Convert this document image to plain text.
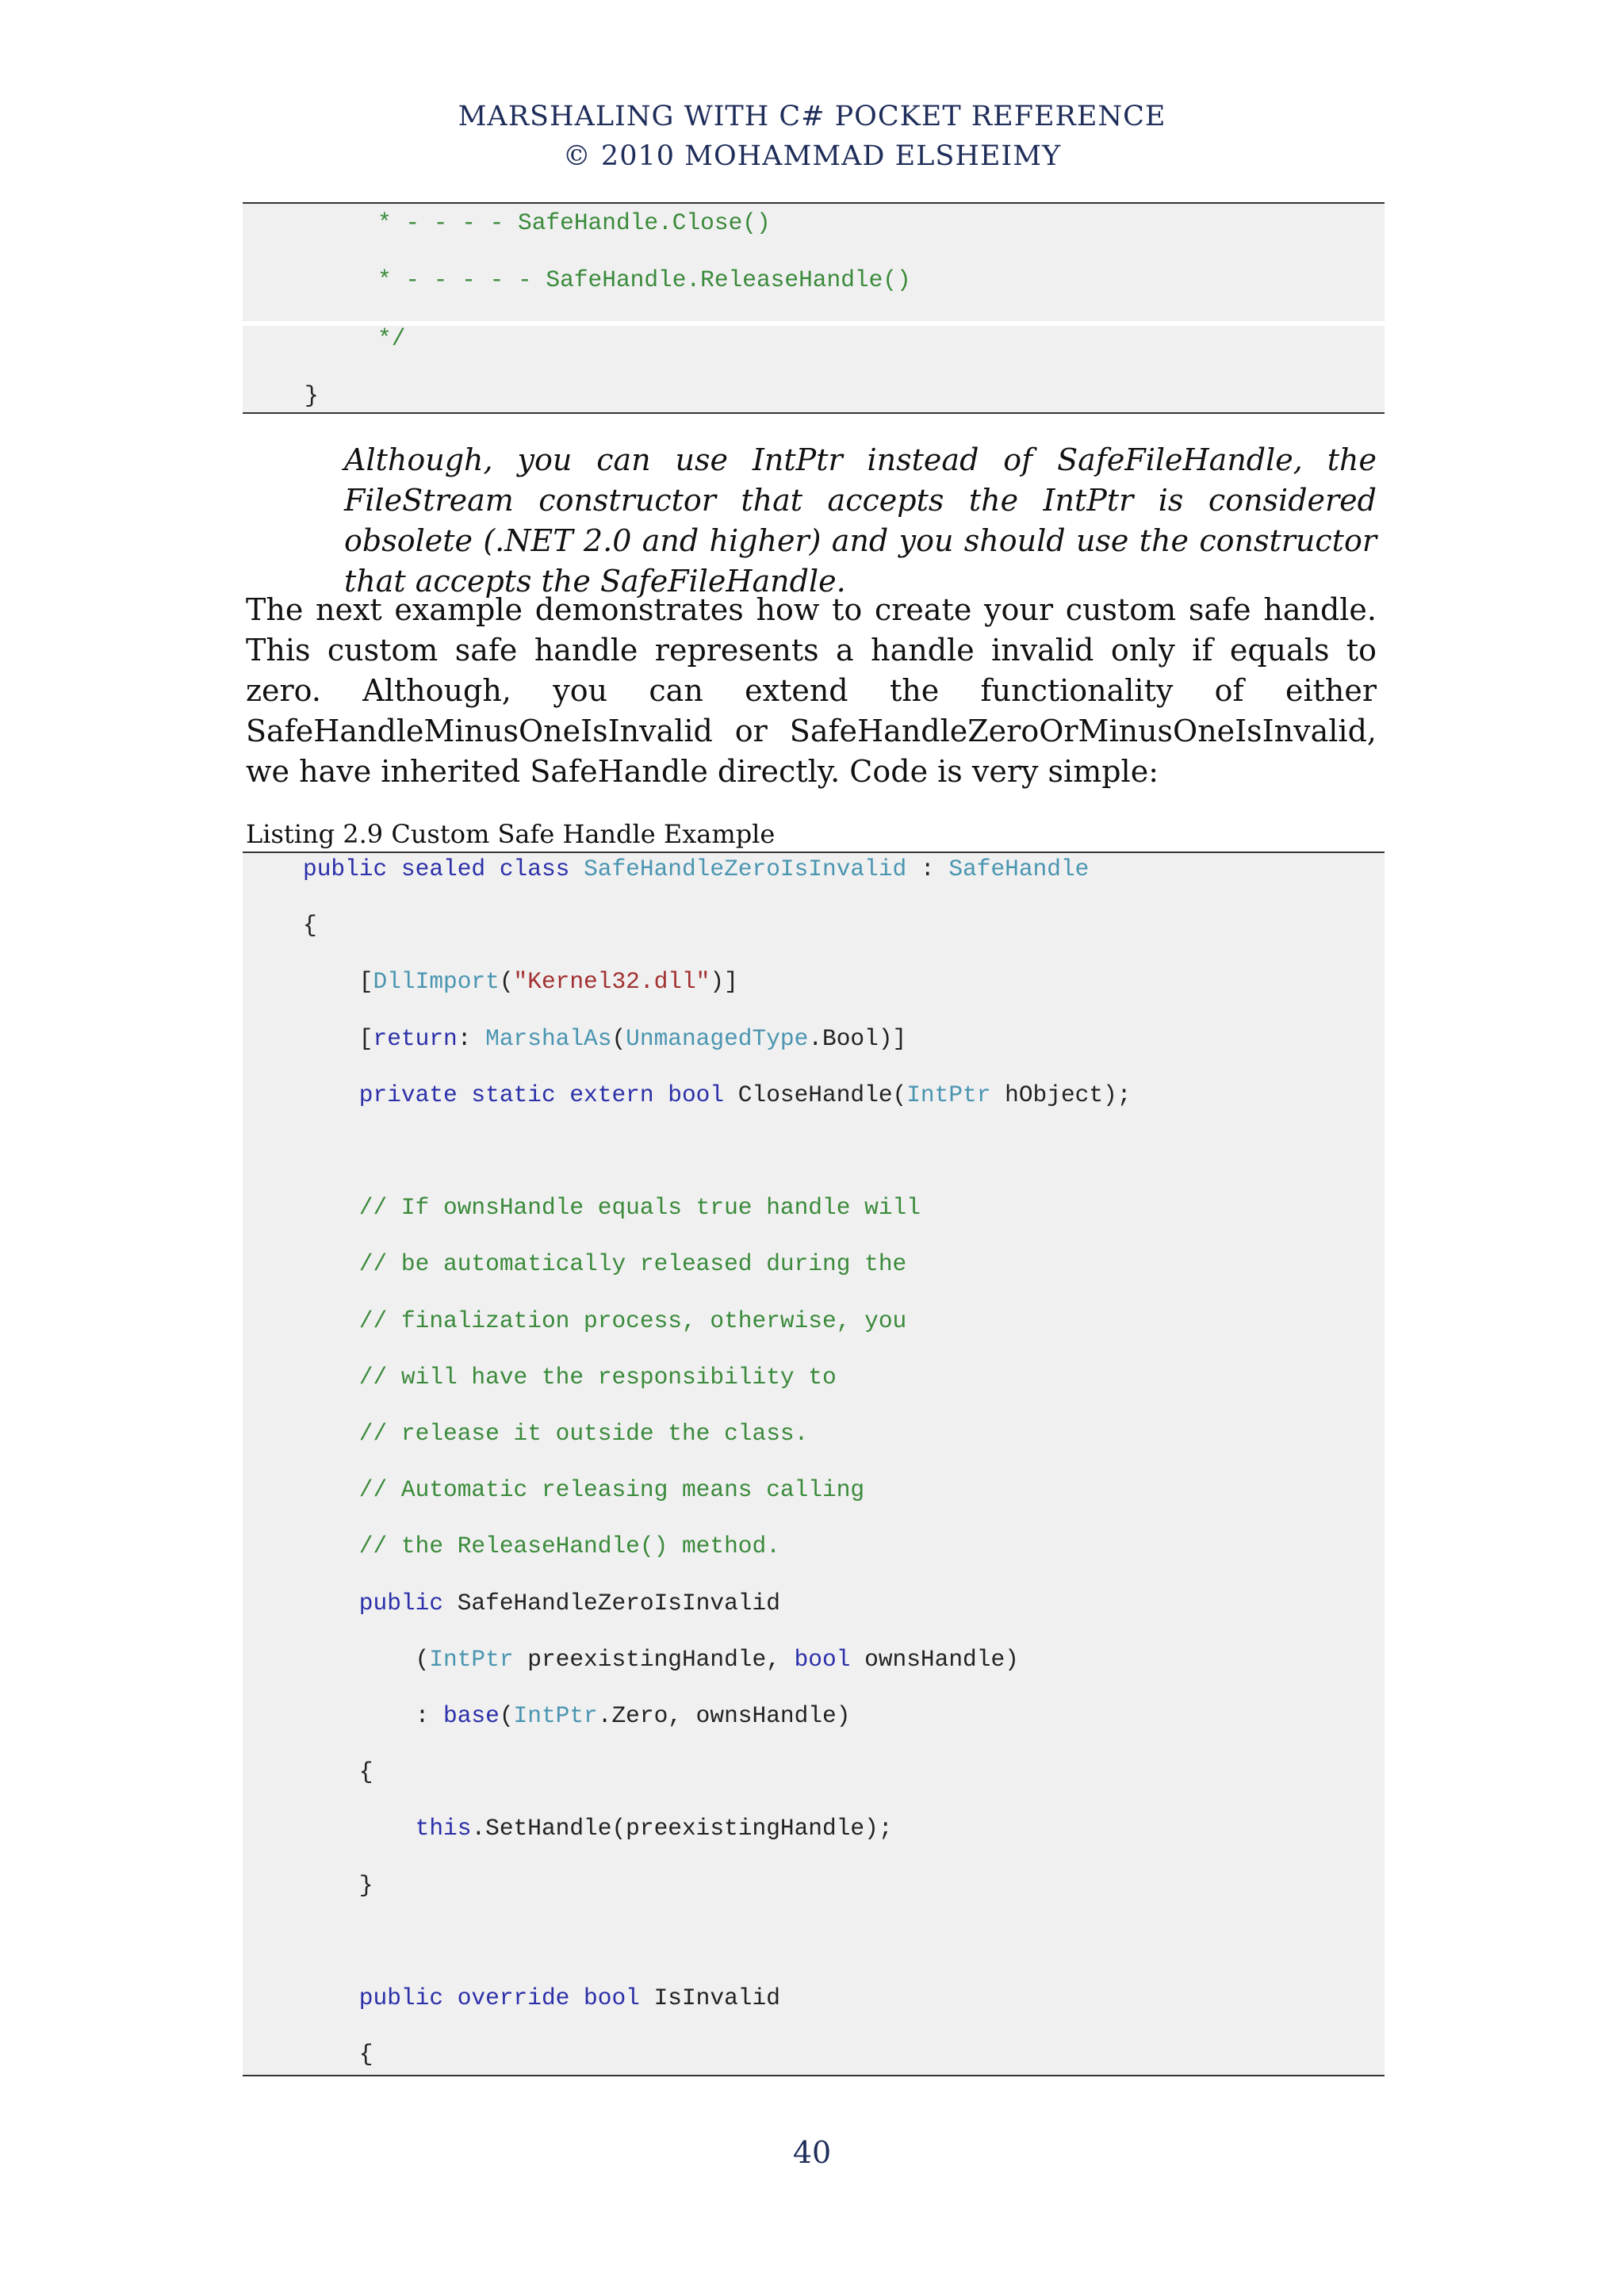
MARSHALING WITH C# POCKET REFERENCE
© 2010 MOHAMMAD ELSHEIMY

* - - - - SafeHandle.Close()

* - - - - - SafeHandle.ReleaseHandle()

*/

}

Although, you can use IntPtr instead of SafeFileHandle, the FileStream constructor that accepts the IntPtr is considered obsolete (.NET 2.0 and higher) and you should use the constructor that accepts the SafeFileHandle.
The next example demonstrates how to create your custom safe handle. This custom safe handle represents a handle invalid only if equals to zero. Although, you can extend the functionality of either SafeHandleMinusOneIsInvalid or SafeHandleZeroOrMinusOneIsInvalid, we have inherited SafeHandle directly. Code is very simple:
Listing 2.9 Custom Safe Handle Example
public sealed class SafeHandleZeroIsInvalid : SafeHandle
{
[DllImport("Kernel32.dll")]
[return: MarshalAs(UnmanagedType.Bool)]
private static extern bool CloseHandle(IntPtr hObject);
// If ownsHandle equals true handle will
// be automatically released during the
// finalization process, otherwise, you
// will have the responsibility to
// release it outside the class.
// Automatic releasing means calling
// the ReleaseHandle() method.
public SafeHandleZeroIsInvalid
(IntPtr preexistingHandle, bool ownsHandle)
: base(IntPtr.Zero, ownsHandle)
{
this.SetHandle(preexistingHandle);
}
public override bool IsInvalid
{
40
